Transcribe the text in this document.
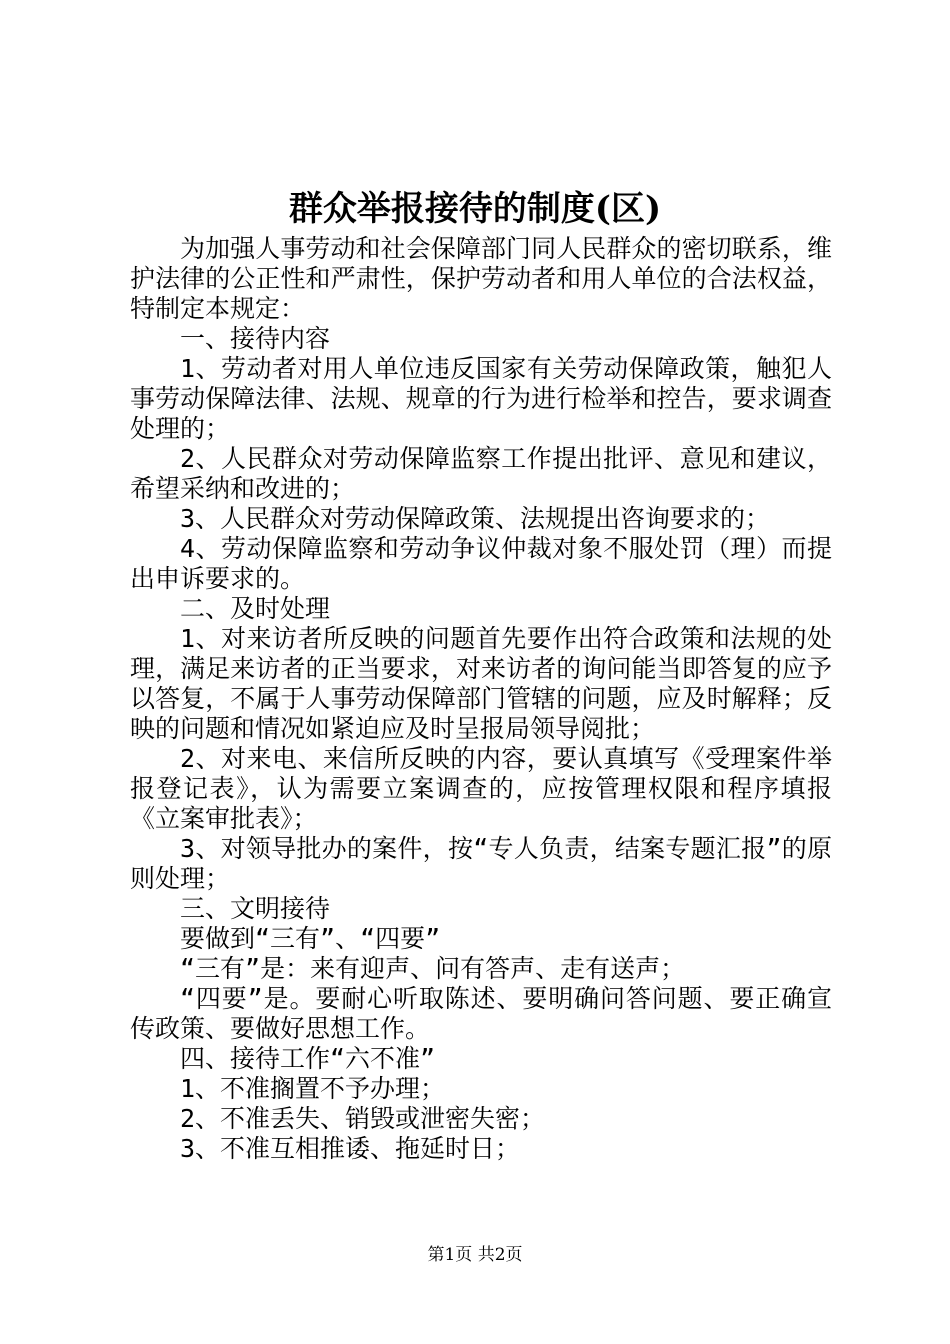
群众举报接待的制度(区)

为加强人事劳动和社会保障部门同人民群众的密切联系，维护法律的公正性和严肃性，保护劳动者和用人单位的合法权益，特制定本规定：

一、接待内容

1、劳动者对用人单位违反国家有关劳动保障政策，触犯人事劳动保障法律、法规、规章的行为进行检举和控告，要求调查处理的；

2、人民群众对劳动保障监察工作提出批评、意见和建议，希望采纳和改进的；

3、人民群众对劳动保障政策、法规提出咨询要求的；

4、劳动保障监察和劳动争议仲裁对象不服处罚（理）而提出申诉要求的。

二、及时处理

1、对来访者所反映的问题首先要作出符合政策和法规的处理，满足来访者的正当要求，对来访者的询问能当即答复的应予以答复，不属于人事劳动保障部门管辖的问题，应及时解释；反映的问题和情况如紧迫应及时呈报局领导阅批；

2、对来电、来信所反映的内容，要认真填写《受理案件举报登记表》，认为需要立案调查的，应按管理权限和程序填报《立案审批表》；

3、对领导批办的案件，按“专人负责，结案专题汇报”的原则处理；

三、文明接待

要做到“三有”、“四要”

“三有”是：来有迎声、问有答声、走有送声；

“四要”是。要耐心听取陈述、要明确问答问题、要正确宣传政策、要做好思想工作。

四、接待工作“六不准”

1、不准搁置不予办理；

2、不准丢失、销毁或泄密失密；

3、不准互相推诿、拖延时日；

第1页 共2页
